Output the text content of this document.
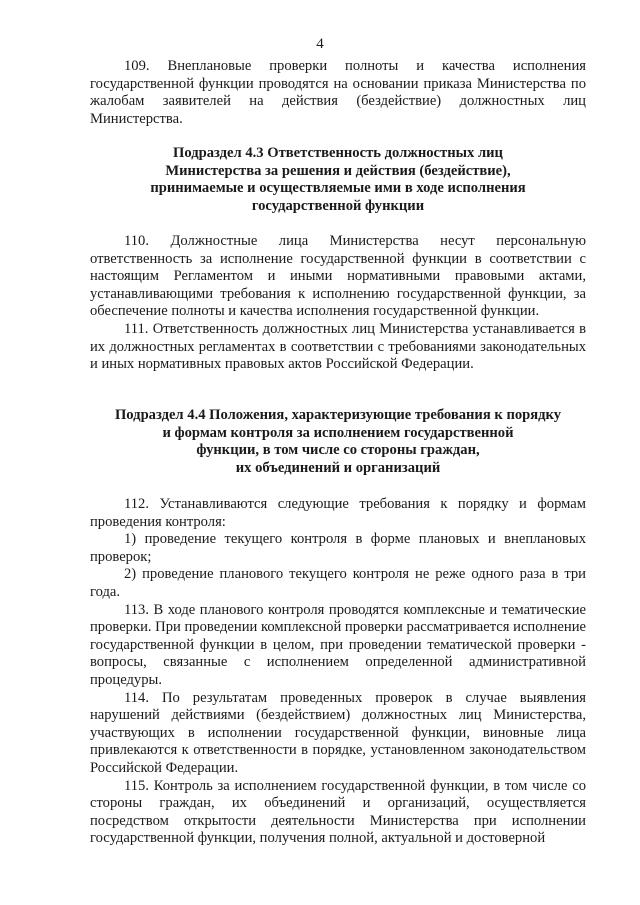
4

109. Внеплановые проверки полноты и качества исполнения государственной функции проводятся на основании приказа Министерства по жалобам заявителей на действия (бездействие) должностных лиц Министерства.

Подраздел 4.3 Ответственность должностных лиц
Министерства за решения и действия (бездействие),
принимаемые и осуществляемые ими в ходе исполнения
государственной функции

110. Должностные лица Министерства несут персональную ответственность за исполнение государственной функции в соответствии с настоящим Регламентом и иными нормативными правовыми актами, устанавливающими требования к исполнению государственной функции, за обеспечение полноты и качества исполнения государственной функции.

111. Ответственность должностных лиц Министерства устанавливается в их должностных регламентах в соответствии с требованиями законодательных и иных нормативных правовых актов Российской Федерации.

Подраздел 4.4 Положения, характеризующие требования к порядку
и формам контроля за исполнением государственной
функции, в том числе со стороны граждан,
их объединений и организаций

112. Устанавливаются следующие требования к порядку и формам проведения контроля:

1) проведение текущего контроля в форме плановых и внеплановых проверок;

2) проведение планового текущего контроля не реже одного раза в три года.

113. В ходе планового контроля проводятся комплексные и тематические проверки. При проведении комплексной проверки рассматривается исполнение государственной функции в целом, при проведении тематической проверки - вопросы, связанные с исполнением определенной административной процедуры.

114. По результатам проведенных проверок в случае выявления нарушений действиями (бездействием) должностных лиц Министерства, участвующих в исполнении государственной функции, виновные лица привлекаются к ответственности в порядке, установленном законодательством Российской Федерации.

115. Контроль за исполнением государственной функции, в том числе со стороны граждан, их объединений и организаций, осуществляется посредством открытости деятельности Министерства при исполнении государственной функции, получения полной, актуальной и достоверной
